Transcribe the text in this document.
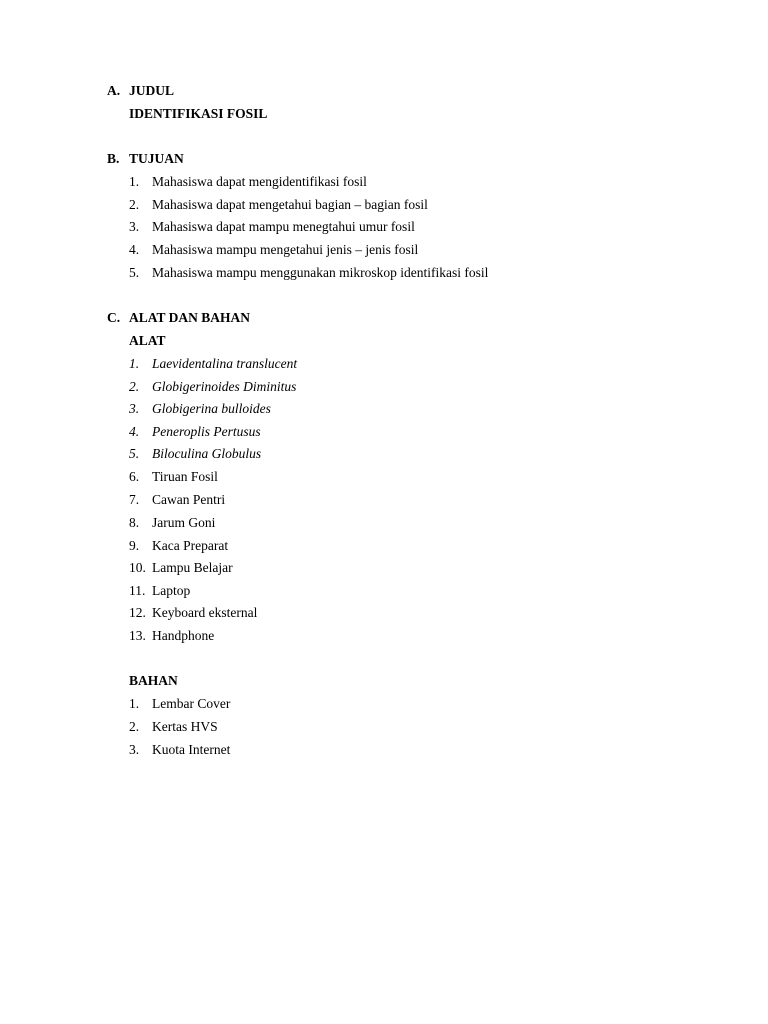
A. JUDUL
IDENTIFIKASI FOSIL
B. TUJUAN
1. Mahasiswa dapat mengidentifikasi fosil
2. Mahasiswa dapat mengetahui bagian – bagian fosil
3. Mahasiswa dapat mampu menegtahui umur fosil
4. Mahasiswa mampu mengetahui jenis – jenis fosil
5. Mahasiswa mampu menggunakan mikroskop identifikasi fosil
C. ALAT DAN BAHAN
ALAT
1. Laevidentalina translucent
2. Globigerinoides Diminitus
3. Globigerina bulloides
4. Peneroplis Pertusus
5. Biloculina Globulus
6. Tiruan Fosil
7. Cawan Pentri
8. Jarum Goni
9. Kaca Preparat
10. Lampu Belajar
11. Laptop
12. Keyboard eksternal
13. Handphone
BAHAN
1. Lembar Cover
2. Kertas HVS
3. Kuota Internet
